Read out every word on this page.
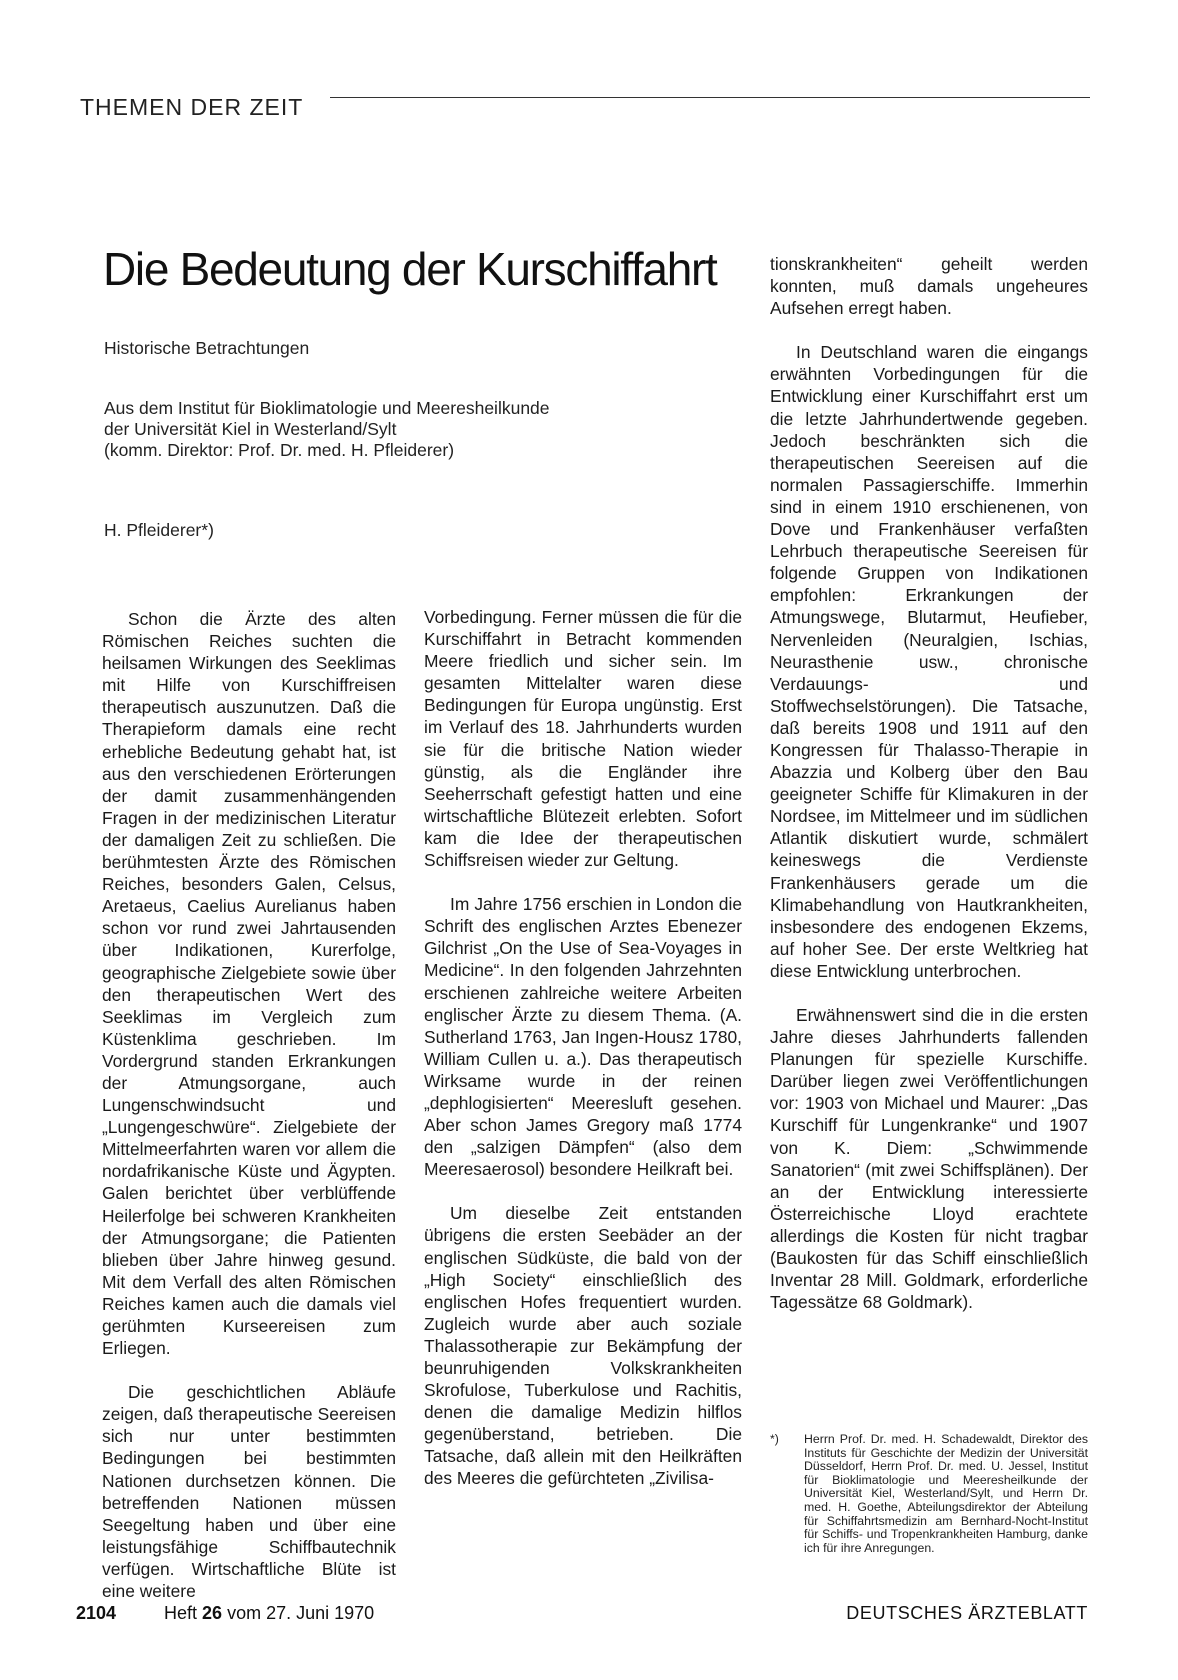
THEMEN DER ZEIT
Die Bedeutung der Kurschiffahrt
Historische Betrachtungen
Aus dem Institut für Bioklimatologie und Meeresheilkunde
der Universität Kiel in Westerland/Sylt
(komm. Direktor: Prof. Dr. med. H. Pfleiderer)
H. Pfleiderer*)

Schon die Ärzte des alten Römischen Reiches suchten die heilsamen Wirkungen des Seeklimas mit Hilfe von Kurschiffreisen therapeutisch auszunutzen. Daß die Therapieform damals eine recht erhebliche Bedeutung gehabt hat, ist aus den verschiedenen Erörterungen der damit zusammenhängenden Fragen in der medizinischen Literatur der damaligen Zeit zu schließen. Die berühmtesten Ärzte des Römischen Reiches, besonders Galen, Celsus, Aretaeus, Caelius Aurelianus haben schon vor rund zwei Jahrtausenden über Indikationen, Kurerfolge, geographische Zielgebiete sowie über den therapeutischen Wert des Seeklimas im Vergleich zum Küstenklima geschrieben. Im Vordergrund standen Erkrankungen der Atmungsorgane, auch Lungenschwindsucht und „Lungengeschwüre“. Zielgebiete der Mittelmeerfahrten waren vor allem die nordafrikanische Küste und Ägypten. Galen berichtet über verblüffende Heilerfolge bei schweren Krankheiten der Atmungsorgane; die Patienten blieben über Jahre hinweg gesund. Mit dem Verfall des alten Römischen Reiches kamen auch die damals viel gerühmten Kurseereisen zum Erliegen.

Die geschichtlichen Abläufe zeigen, daß therapeutische Seereisen sich nur unter bestimmten Bedingungen bei bestimmten Nationen durchsetzen können. Die betreffenden Nationen müssen Seegeltung haben und über eine leistungsfähige Schiffbautechnik verfügen. Wirtschaftliche Blüte ist eine weitere

Vorbedingung. Ferner müssen die für die Kurschiffahrt in Betracht kommenden Meere friedlich und sicher sein. Im gesamten Mittelalter waren diese Bedingungen für Europa ungünstig. Erst im Verlauf des 18. Jahrhunderts wurden sie für die britische Nation wieder günstig, als die Engländer ihre Seeherrschaft gefestigt hatten und eine wirtschaftliche Blütezeit erlebten. Sofort kam die Idee der therapeutischen Schiffsreisen wieder zur Geltung.

Im Jahre 1756 erschien in London die Schrift des englischen Arztes Ebenezer Gilchrist „On the Use of Sea-Voyages in Medicine“. In den folgenden Jahrzehnten erschienen zahlreiche weitere Arbeiten englischer Ärzte zu diesem Thema. (A. Sutherland 1763, Jan Ingen-Housz 1780, William Cullen u. a.). Das therapeutisch Wirksame wurde in der reinen „dephlogisierten“ Meeresluft gesehen. Aber schon James Gregory maß 1774 den „salzigen Dämpfen“ (also dem Meeresaerosol) besondere Heilkraft bei.

Um dieselbe Zeit entstanden übrigens die ersten Seebäder an der englischen Südküste, die bald von der „High Society“ einschließlich des englischen Hofes frequentiert wurden. Zugleich wurde aber auch soziale Thalassotherapie zur Bekämpfung der beunruhigenden Volkskrankheiten Skrofulose, Tuberkulose und Rachitis, denen die damalige Medizin hilflos gegenüberstand, betrieben. Die Tatsache, daß allein mit den Heilkräften des Meeres die gefürchteten „Zivilisa-

tionskrankheiten“ geheilt werden konnten, muß damals ungeheures Aufsehen erregt haben.

In Deutschland waren die eingangs erwähnten Vorbedingungen für die Entwicklung einer Kurschiffahrt erst um die letzte Jahrhundertwende gegeben. Jedoch beschränkten sich die therapeutischen Seereisen auf die normalen Passagierschiffe. Immerhin sind in einem 1910 erschienenen, von Dove und Frankenhäuser verfaßten Lehrbuch therapeutische Seereisen für folgende Gruppen von Indikationen empfohlen: Erkrankungen der Atmungswege, Blutarmut, Heufieber, Nervenleiden (Neuralgien, Ischias, Neurasthenie usw., chronische Verdauungs- und Stoffwechselstörungen). Die Tatsache, daß bereits 1908 und 1911 auf den Kongressen für Thalasso-Therapie in Abazzia und Kolberg über den Bau geeigneter Schiffe für Klimakuren in der Nordsee, im Mittelmeer und im südlichen Atlantik diskutiert wurde, schmälert keineswegs die Verdienste Frankenhäusers gerade um die Klimabehandlung von Hautkrankheiten, insbesondere des endogenen Ekzems, auf hoher See. Der erste Weltkrieg hat diese Entwicklung unterbrochen.

Erwähnenswert sind die in die ersten Jahre dieses Jahrhunderts fallenden Planungen für spezielle Kurschiffe. Darüber liegen zwei Veröffentlichungen vor: 1903 von Michael und Maurer: „Das Kurschiff für Lungenkranke“ und 1907 von K. Diem: „Schwimmende Sanatorien“ (mit zwei Schiffsplänen). Der an der Entwicklung interessierte Österreichische Lloyd erachtete allerdings die Kosten für nicht tragbar (Baukosten für das Schiff einschließlich Inventar 28 Mill. Goldmark, erforderliche Tagessätze 68 Goldmark).

*)	Herrn Prof. Dr. med. H. Schadewaldt, Direktor des Instituts für Geschichte der Medizin der Universität Düsseldorf, Herrn Prof. Dr. med. U. Jessel, Institut für Bioklimatologie und Meeresheilkunde der Universität Kiel, Westerland/Sylt, und Herrn Dr. med. H. Goethe, Abteilungsdirektor der Abteilung für Schiffahrtsmedizin am Bernhard-Nocht-Institut für Schiffs- und Tropenkrankheiten Hamburg, danke ich für ihre Anregungen.
2104	Heft 26 vom 27. Juni 1970	DEUTSCHES ÄRZTEBLATT
